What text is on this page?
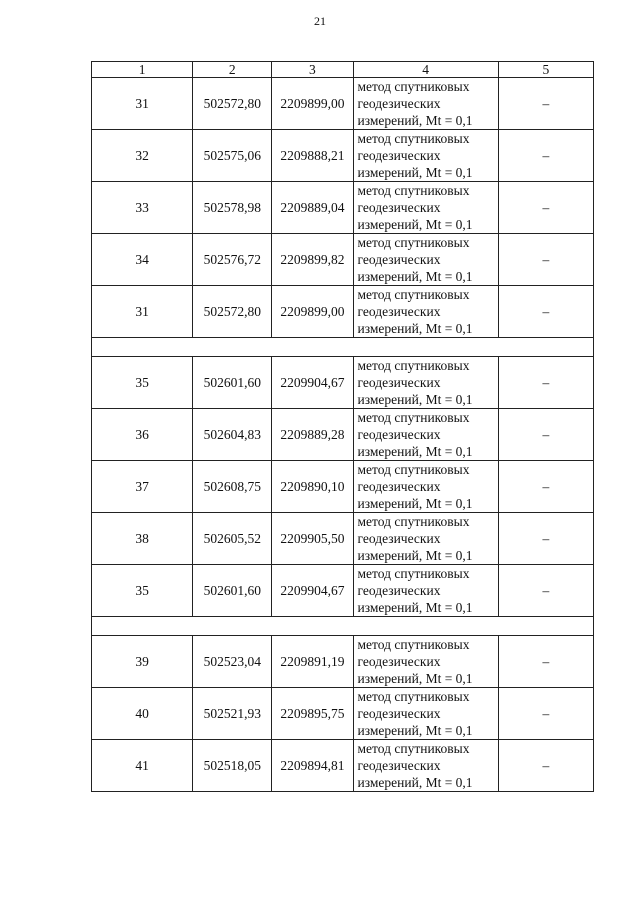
21
1	2	3	4	5
31	502572,80	2209899,00	метод спутниковых
геодезических
измерений, Mt = 0,1	–
32	502575,06	2209888,21	метод спутниковых
геодезических
измерений, Mt = 0,1	–
33	502578,98	2209889,04	метод спутниковых
геодезических
измерений, Mt = 0,1	–
34	502576,72	2209899,82	метод спутниковых
геодезических
измерений, Mt = 0,1	–
31	502572,80	2209899,00	метод спутниковых
геодезических
измерений, Mt = 0,1	–

35	502601,60	2209904,67	метод спутниковых
геодезических
измерений, Mt = 0,1	–
36	502604,83	2209889,28	метод спутниковых
геодезических
измерений, Mt = 0,1	–
37	502608,75	2209890,10	метод спутниковых
геодезических
измерений, Mt = 0,1	–
38	502605,52	2209905,50	метод спутниковых
геодезических
измерений, Mt = 0,1	–
35	502601,60	2209904,67	метод спутниковых
геодезических
измерений, Mt = 0,1	–

39	502523,04	2209891,19	метод спутниковых
геодезических
измерений, Mt = 0,1	–
40	502521,93	2209895,75	метод спутниковых
геодезических
измерений, Mt = 0,1	–
41	502518,05	2209894,81	метод спутниковых
геодезических
измерений, Mt = 0,1	–
